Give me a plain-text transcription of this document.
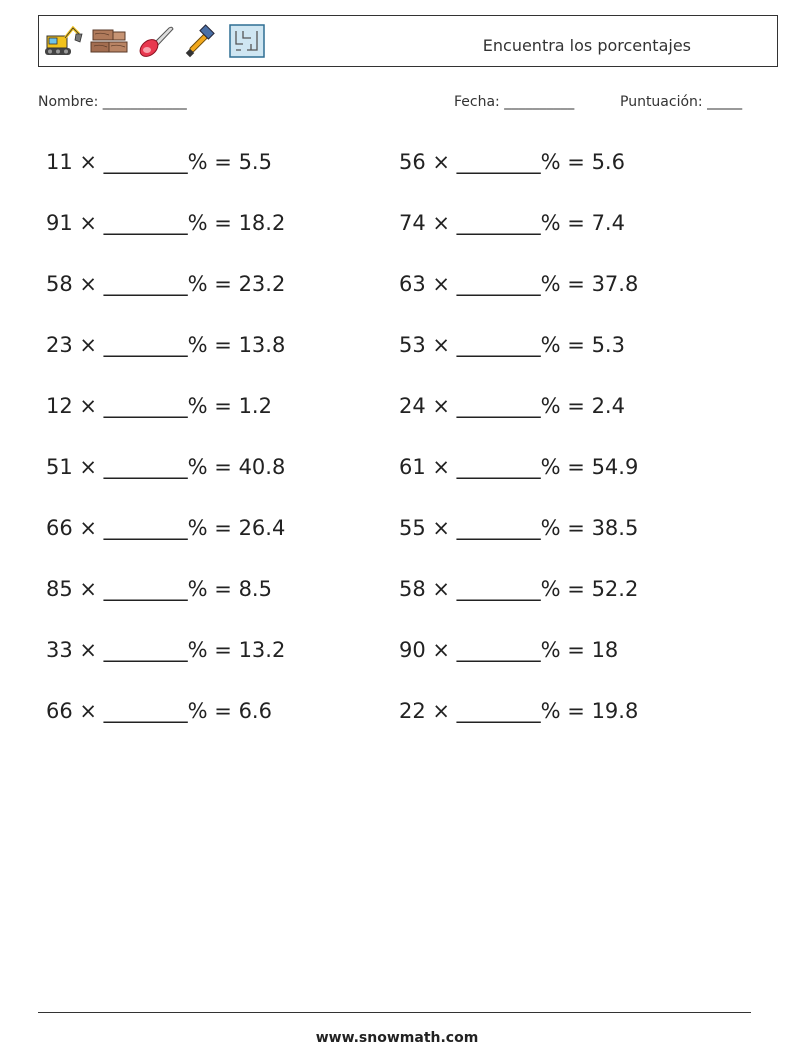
Encuentra los porcentajes
Nombre: ____________	Fecha: __________	Puntuación: _____
11 × ________% = 5.5
91 × ________% = 18.2
58 × ________% = 23.2
23 × ________% = 13.8
12 × ________% = 1.2
51 × ________% = 40.8
66 × ________% = 26.4
85 × ________% = 8.5
33 × ________% = 13.2
66 × ________% = 6.6
56 × ________% = 5.6
74 × ________% = 7.4
63 × ________% = 37.8
53 × ________% = 5.3
24 × ________% = 2.4
61 × ________% = 54.9
55 × ________% = 38.5
58 × ________% = 52.2
90 × ________% = 18
22 × ________% = 19.8
www.snowmath.com
